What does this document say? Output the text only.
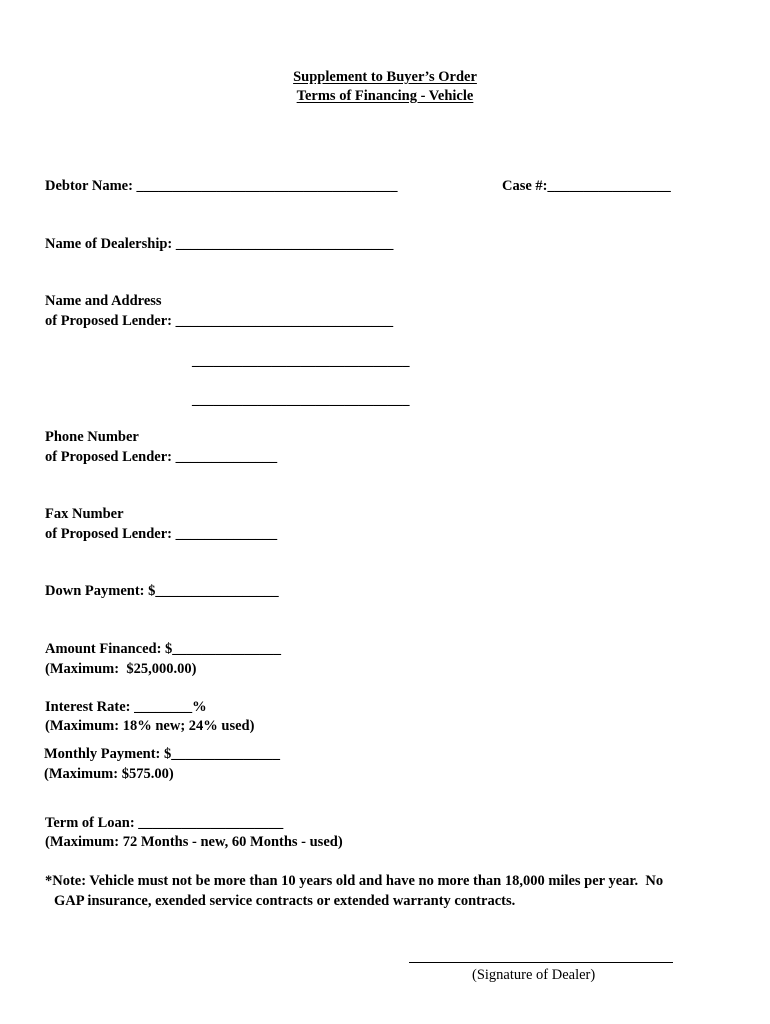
Supplement to Buyer’s Order
Terms of Financing - Vehicle
Debtor Name: ____________________________________	Case #:_________________
Name of Dealership: ______________________________
Name and Address
of Proposed Lender: ______________________________
______________________________
______________________________
Phone Number
of Proposed Lender: ______________
Fax Number
of Proposed Lender: ______________
Down Payment: $_________________
Amount Financed: $_______________
(Maximum:  $25,000.00)
Interest Rate: ________%
(Maximum: 18% new; 24% used)
Monthly Payment: $_______________
(Maximum: $575.00)
Term of Loan: ____________________
(Maximum: 72 Months - new, 60 Months - used)
*Note: Vehicle must not be more than 10 years old and have no more than 18,000 miles per year.  No
GAP insurance, exended service contracts or extended warranty contracts.
(Signature of Dealer)
